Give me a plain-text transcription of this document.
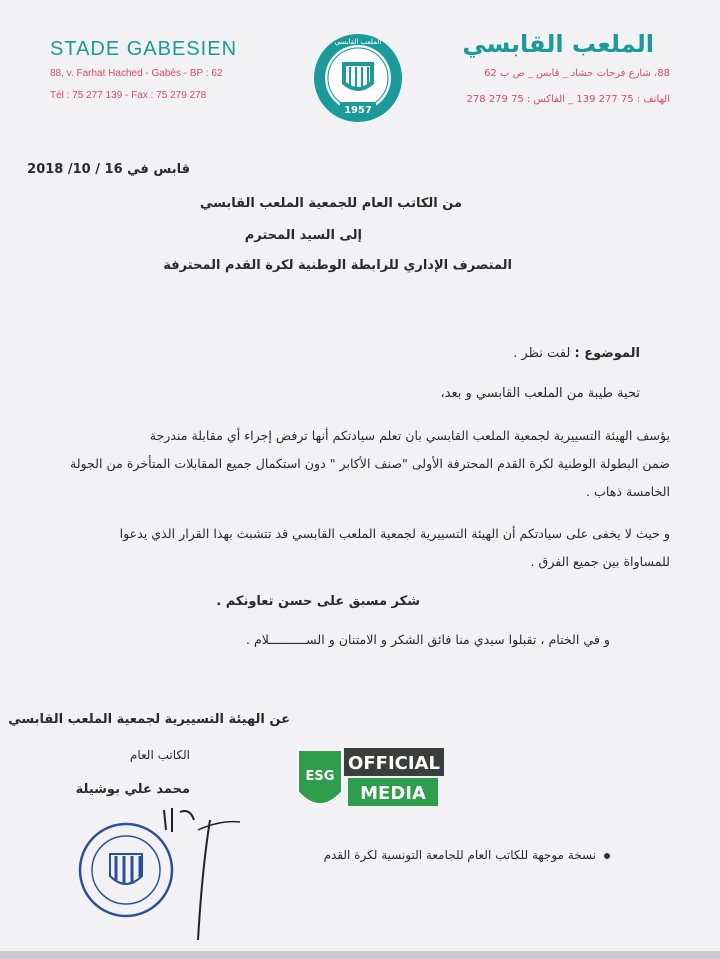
STADE GABESIEN
88, v. Farhat Hached - Gabès - BP : 62
Tél : 75 277 139 - Fax : 75 279 278
الملعب القابسي
88، شارع فرحات حشاد _ قابس _ ص ب 62
الهاتف : 75 277 139 _ الفاكس : 75 279 278
1957
الملعب القابسي
قابس في 16 / 10/ 2018
من الكاتب العام للجمعية الملعب القابسي
إلى السيد المحترم
المتصرف الإداري للرابطة الوطنية لكرة القدم المحترفة
الموضوع : لفت نظر .
تحية طيبة من الملعب القابسي و بعد،
يؤسف الهيئة التسييرية لجمعية الملعب القابسي بان تعلم سيادتكم أنها ترفض إجراء أي مقابلة مندرجة
ضمن البطولة الوطنية لكرة القدم المحترفة الأولى "صنف الأكابر " دون استكمال جميع المقابلات المتأخرة من الجولة
الخامسة ذهاب .
و حيث لا يخفى على سيادتكم أن الهيئة التسييرية لجمعية الملعب القابسي قد تتشبث بهذا القرار الذي يدعوا
للمساواة بين جميع الفرق .
شكر مسبق على حسن تعاونكم .
و في الختام ، تقبلوا سيدي منا فائق الشكر و الامتنان و الســــــــــلام .
عن الهيئة التسييرية لجمعية الملعب القابسي
الكاتب العام
محمد علي بوشيلة
ESG
OFFICIAL
MEDIA
نسخة موجهة للكاتب العام للجامعة التونسية لكرة القدم
